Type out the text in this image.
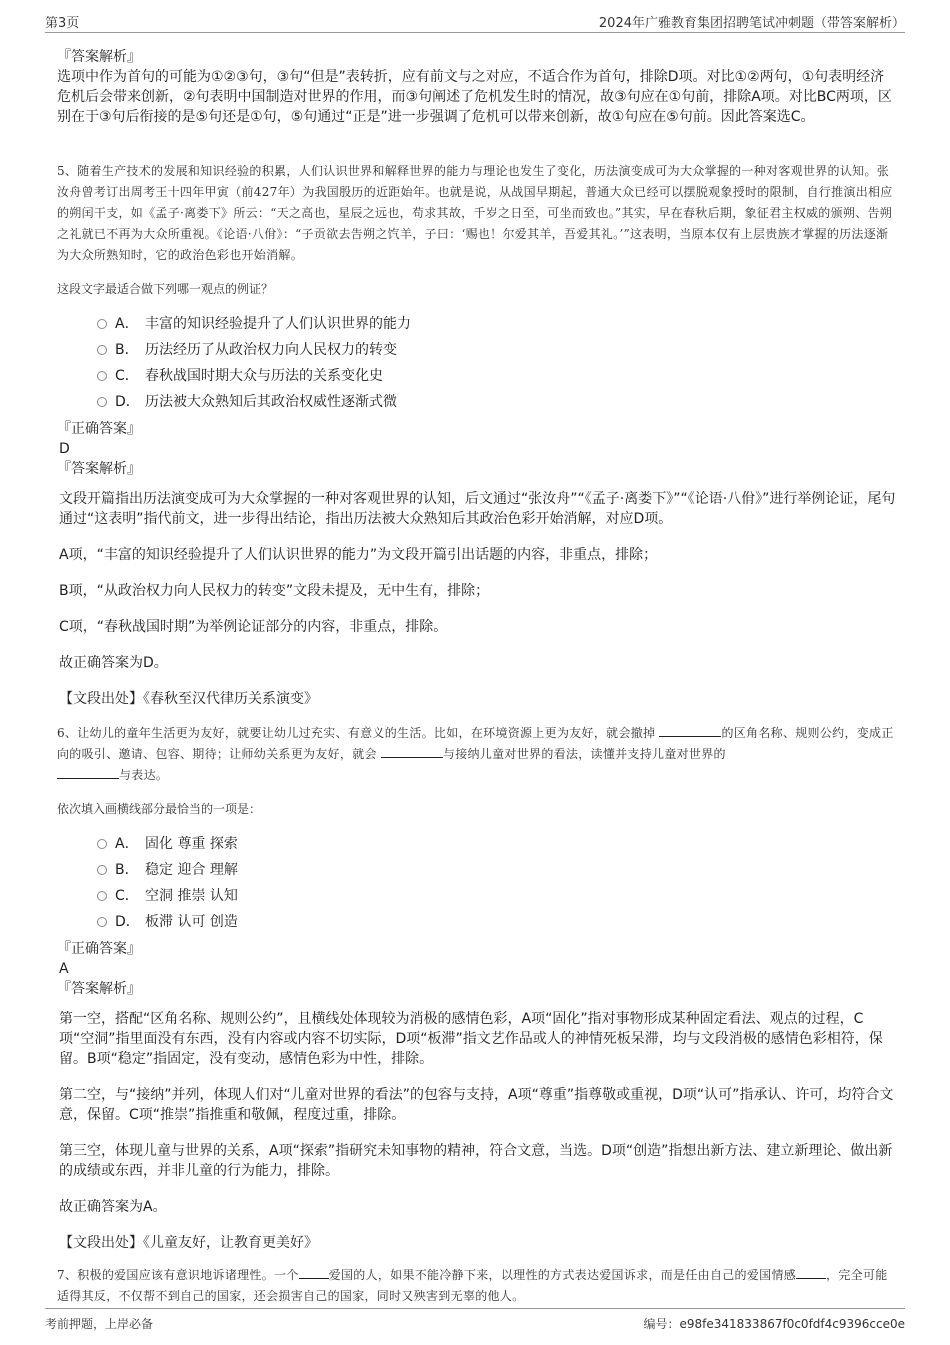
第3页	2024年广雅教育集团招聘笔试冲刺题（带答案解析）
『答案解析』

选项中作为首句的可能为①②③句，③句“但是”表转折，应有前文与之对应，不适合作为首句，排除D项。对比①②两句，①句表明经济危机后会带来创新，②句表明中国制造对世界的作用，而③句阐述了危机发生时的情况，故③句应在①句前，排除A项。对比BC两项，区别在于③句后衔接的是⑤句还是①句，⑤句通过“正是”进一步强调了危机可以带来创新，故①句应在⑤句前。因此答案选C。

5、随着生产技术的发展和知识经验的积累，人们认识世界和解释世界的能力与理论也发生了变化，历法演变成可为大众掌握的一种对客观世界的认知。张汝舟曾考订出周考王十四年甲寅（前427年）为我国殷历的近距始年。也就是说，从战国早期起，普通大众已经可以摆脱观象授时的限制，自行推演出相应的朔闰干支，如《孟子·离娄下》所云：“天之高也，星辰之远也，苟求其故，千岁之日至，可坐而致也。”其实，早在春秋后期，象征君主权威的颁朔、告朔之礼就已不再为大众所重视。《论语·八佾》：“子贡欲去告朔之饩羊，子曰：‘赐也！尔爱其羊，吾爱其礼。’”这表明，当原本仅有上层贵族才掌握的历法逐渐为大众所熟知时，它的政治色彩也开始消解。

这段文字最适合做下列哪一观点的例证？

A． 丰富的知识经验提升了人们认识世界的能力
B． 历法经历了从政治权力向人民权力的转变
C． 春秋战国时期大众与历法的关系变化史
D． 历法被大众熟知后其政治权威性逐渐式微
『正确答案』
D
『答案解析』

文段开篇指出历法演变成可为大众掌握的一种对客观世界的认知，后文通过“张汝舟”“《孟子·离娄下》”“《论语·八佾》”进行举例论证，尾句通过“这表明”指代前文，进一步得出结论，指出历法被大众熟知后其政治色彩开始消解，对应D项。

A项，“丰富的知识经验提升了人们认识世界的能力”为文段开篇引出话题的内容，非重点，排除；

B项，“从政治权力向人民权力的转变”文段未提及，无中生有，排除；

C项，“春秋战国时期”为举例论证部分的内容，非重点，排除。

故正确答案为D。

【文段出处】《春秋至汉代律历关系演变》

6、让幼儿的童年生活更为友好，就要让幼儿过充实、有意义的生活。比如，在环境资源上更为友好，就会撤掉	的区角名称、规则公约，变成正向的吸引、邀请、包容、期待；让师幼关系更为友好，就会	与接纳儿童对世界的看法，读懂并支持儿童对世界的
与表达。

依次填入画横线部分最恰当的一项是：

A． 固化 尊重 探索
B． 稳定 迎合 理解
C． 空洞 推崇 认知
D． 板滞 认可 创造
『正确答案』
A
『答案解析』

第一空，搭配“区角名称、规则公约”，且横线处体现较为消极的感情色彩，A项“固化”指对事物形成某种固定看法、观点的过程，C项“空洞”指里面没有东西，没有内容或内容不切实际，D项“板滞”指文艺作品或人的神情死板呆滞，均与文段消极的感情色彩相符，保留。B项“稳定”指固定，没有变动，感情色彩为中性，排除。

第二空，与“接纳”并列，体现人们对“儿童对世界的看法”的包容与支持，A项“尊重”指尊敬或重视，D项“认可”指承认、许可，均符合文意，保留。C项“推崇”指推重和敬佩，程度过重，排除。

第三空，体现儿童与世界的关系，A项“探索”指研究未知事物的精神，符合文意，当选。D项“创造”指想出新方法、建立新理论、做出新的成绩或东西，并非儿童的行为能力，排除。

故正确答案为A。

【文段出处】《儿童友好，让教育更美好》

7、积极的爱国应该有意识地诉诸理性。一个	爱国的人，如果不能冷静下来，以理性的方式表达爱国诉求，而是任由自己的爱国情感	，完全可能适得其反，不仅帮不到自己的国家，还会损害自己的国家，同时又殃害到无辜的他人。

考前押题，上岸必备	编号：e98fe341833867f0c0fdf4c9396cce0e
